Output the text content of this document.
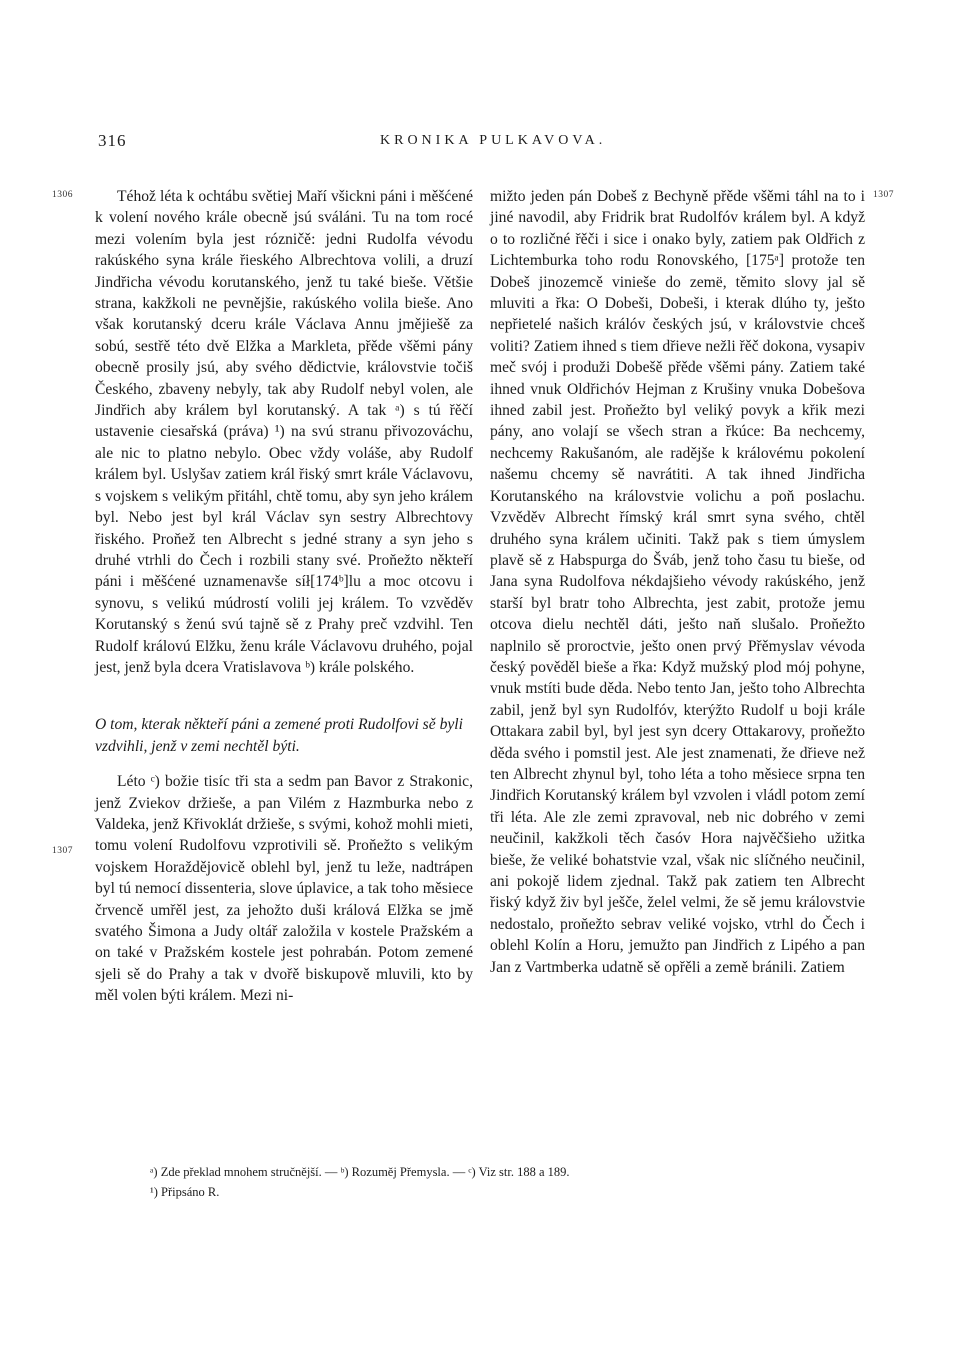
316	KRONIKA PULKAVOVA.
1306
1307
1307

Téhož léta k ochtábu světiej Maří všickni páni i měšćené k volení nového krále obecně jsú sváláni. Tu na tom rocé mezi volením byla jest rózničě: jedni Rudolfa vévodu rakúského syna krále řieského Albrechtova volili, a druzí Jindřicha vévodu korutanského, jenž tu také bieše. Většie strana, kakžkoli ne pevnějšie, rakúského volila bieše. Ano však korutanský dceru krále Václava Annu jmějiešě za sobú, sestřě této dvě Elžka a Markleta, přěde všěmi pány obecně prosily jsú, aby svého dědictvie, královstvie točiš Českého, zbaveny nebyly, tak aby Rudolf nebyl volen, ale Jindřich aby králem byl korutanský. A tak ᵃ) s tú řěčí ustavenie ciesařská (práva) ¹) na svú stranu přivozováchu, ale nic to platno nebylo. Obec vždy voláše, aby Rudolf králem byl. Uslyšav zatiem král řiský smrt krále Václavovu, s vojskem s velikým přitáhl, chtě tomu, aby syn jeho králem byl. Nebo jest byl král Václav syn sestry Albrechtovy řiského. Proňež ten Albrecht s jedné strany a syn jeho s druhé vtrhli do Čech i rozbili stany své. Proňežto někteří páni i měšćené uznamenavše síł[174ᵇ]lu a moc otcovu i synovu, s velikú múdrostí volili jej králem. To vzvěděv Korutanský s ženú svú tajně sě z Prahy preč vzdvihl. Ten Rudolf královú Elžku, ženu krále Václavovu druhého, pojal jest, jenž byla dcera Vratislavova ᵇ) krále polského.

O tom, kterak někteří páni a zemené proti Rudolfovi sě byli vzdvihli, jenž v zemi nechtěl býti.

Léto ᶜ) božie tisíc tři sta a sedm pan Bavor z Strakonic, jenž Zviekov držieše, a pan Vilém z Hazmburka nebo z Valdeka, jenž Křivoklát držieše, s svými, kohož mohli mieti, tomu volení Rudolfovu vzprotivili sě. Proňežto s velikým vojskem Horaždějovicě oblehl byl, jenž tu leže, nadtrápen byl tú nemocí dissenteria, slove úplavice, a tak toho měsiece črvencě umřěl jest, za jehožto duši králová Elžka se jmě svatého Šimona a Judy oltář založila v kostele Pražském a on také v Pražském kostele jest pohrabán. Potom zemené sjeli sě do Prahy a tak v dvořě biskupově mluvili, kto by měl volen býti králem. Mezi ni-

mižto jeden pán Dobeš z Bechyně přěde všěmi táhl na to i jiné navodil, aby Fridrik brat Rudolfóv králem byl. A když o to rozličné řěči i sice i onako byly, zatiem pak Oldřich z Lichtemburka toho rodu Ronovského, [175ᵃ] protože ten Dobeš jinozemcě vinieše do zemë, těmito slovy jal sě mluviti a řka: O Dobeši, Dobeši, i kterak dlúho ty, ješto nepřietelé našich králóv českých jsú, v královstvie chceš voliti? Zatiem ihned s tiem dřieve nežli řěč dokona, vysapiv meč svój i produži Dobešě přěde všěmi pány. Zatiem také ihned vnuk Oldřichóv Hejman z Krušiny vnuka Dobešova ihned zabil jest. Proňežto byl veliký povyk a křik mezi pány, ano volají se všech stran a řkúce: Ba nechcemy, nechcemy Rakušanóm, ale radějše k královému pokolení našemu chcemy sě navrátiti. A tak ihned Jindřicha Korutanského na královstvie volichu a poň poslachu. Vzvěděv Albrecht římský král smrt syna svého, chtěl druhého syna králem učiniti. Takž pak s tiem úmyslem plavě sě z Habspurga do Šváb, jenž toho času tu bieše, od Jana syna Rudolfova nékdajšieho vévody rakúského, jenž starší byl bratr toho Albrechta, jest zabit, protože jemu otcova dielu nechtěl dáti, ješto naň slušalo. Proňežto naplnilo sě proroctvie, ješto onen prvý Přěmyslav vévoda český pověděl bieše a řka: Když mužský plod mój pohyne, vnuk mstíti bude děda. Nebo tento Jan, ješto toho Albrechta zabil, jenž byl syn Rudolfóv, kterýžto Rudolf u boji krále Ottakara zabil byl, byl jest syn dcery Ottakarovy, proňežto děda svého i pomstil jest. Ale jest znamenati, že dřieve než ten Albrecht zhynul byl, toho léta a toho měsiece srpna ten Jindřich Korutanský králem byl vzvolen i vládl potom zemí tři léta. Ale zle zemi zpravoval, neb nic dobrého v zemi neučinil, kakžkoli těch časóv Hora najvěčšieho užitka bieše, že veliké bohatstvie vzal, však nic slíčného neučinil, ani pokojě lidem zjednal. Takž pak zatiem ten Albrecht řiský když živ byl ješče, želel velmi, že sě jemu královstvie nedostalo, proňežto sebrav veliké vojsko, vtrhl do Čech i oblehl Kolín a Horu, jemužto pan Jindřich z Lipého a pan Jan z Vartmberka udatně sě opřěli a země bránili. Zatiem

ᵃ) Zde překlad mnohem stručnější. — ᵇ) Rozuměj Přemysla. — ᶜ) Viz str. 188 a 189.
¹) Připsáno R.
